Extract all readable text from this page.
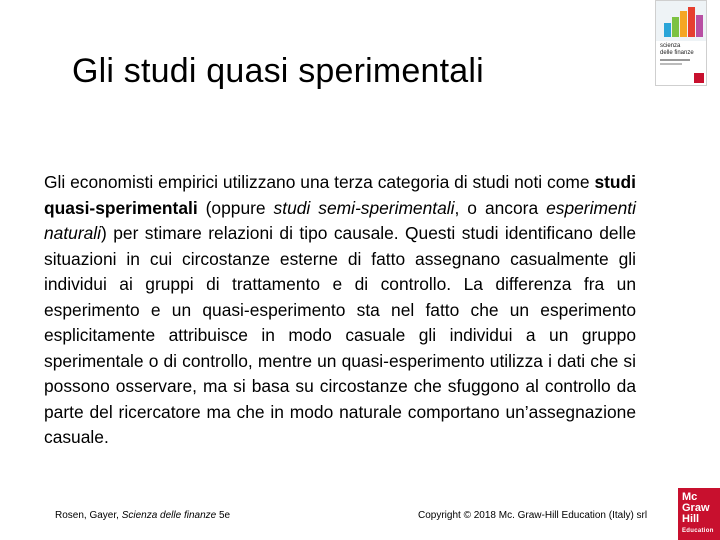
Gli studi quasi sperimentali
Gli economisti empirici utilizzano una terza categoria di studi noti come studi quasi-sperimentali (oppure studi semi-sperimentali, o ancora esperimenti naturali) per stimare relazioni di tipo causale. Questi studi identificano delle situazioni in cui circostanze esterne di fatto assegnano casualmente gli individui ai gruppi di trattamento e di controllo. La differenza fra un esperimento e un quasi-esperimento sta nel fatto che un esperimento esplicitamente attribuisce in modo casuale gli individui a un gruppo sperimentale o di controllo, mentre un quasi-esperimento utilizza i dati che si possono osservare, ma si basa su circostanze che sfuggono al controllo da parte del ricercatore ma che in modo naturale comportano un’assegnazione casuale.
Rosen, Gayer, Scienza delle finanze 5e	Copyright © 2018 Mc. Graw-Hill Education (Italy) srl
scienza
delle finanze
Mc
Graw
Hill
Education
